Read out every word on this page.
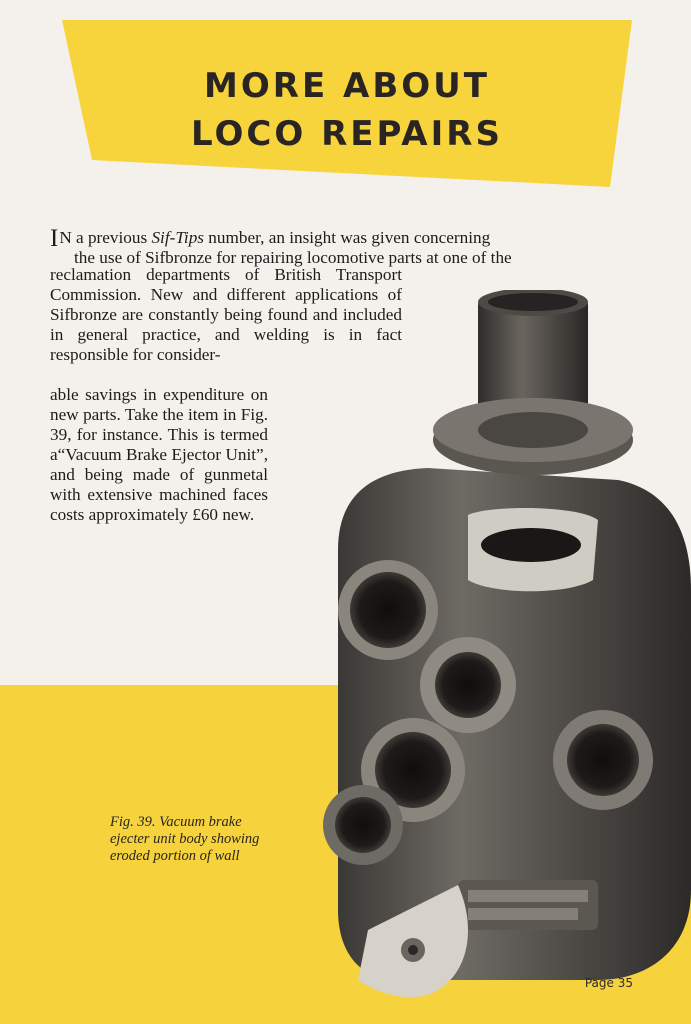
MORE ABOUT
LOCO REPAIRS
IN a previous Sif-Tips number, an insight was given concerning
the use of Sifbronze for repairing locomotive parts at one of the
reclamation departments of British Transport Commission. New and different applications of Sifbronze are constantly being found and included in general practice, and welding is in fact responsible for consider-
able savings in expenditure on new parts. Take the item in Fig. 39, for instance. This is termed a“Vacuum Brake Ejector Unit”, and being made of gunmetal with extensive machined faces costs approximately £60 new.
Fig. 39. Vacuum brake ejecter unit body showing eroded portion of wall
Page 35
